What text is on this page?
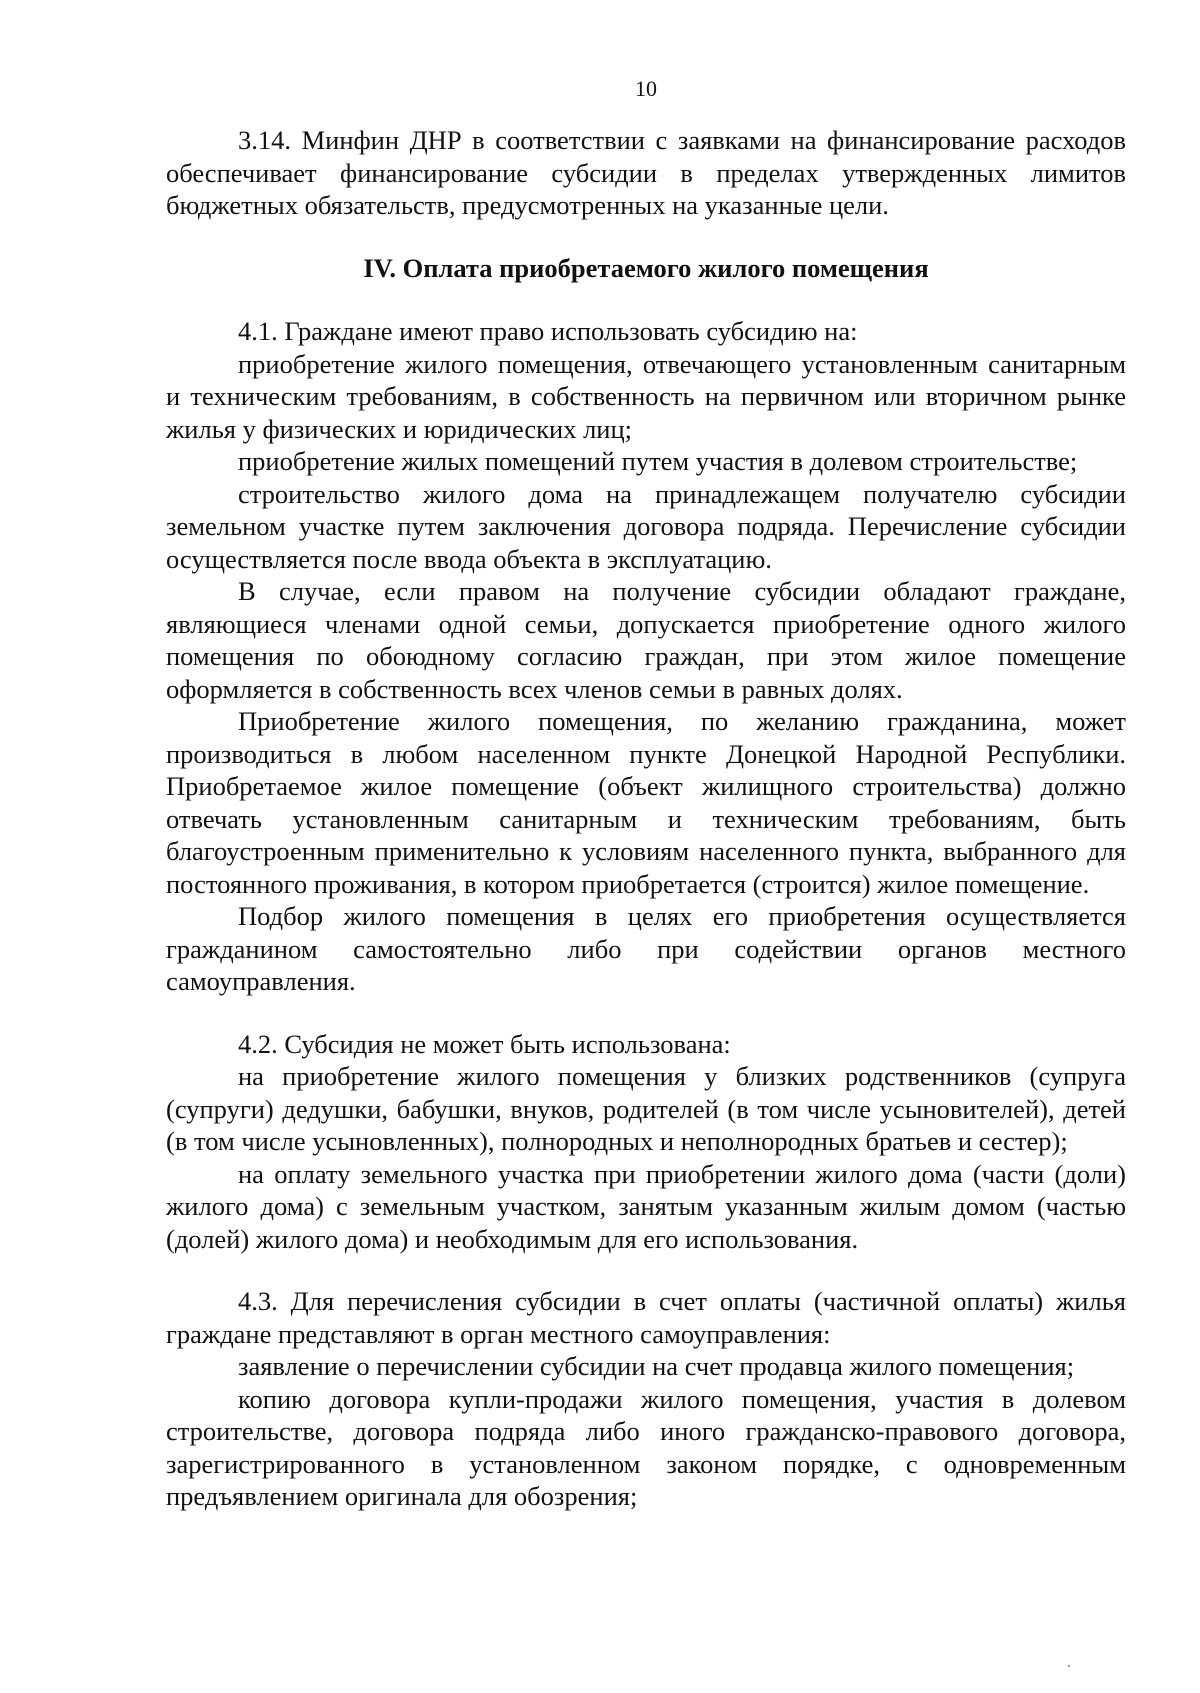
10

3.14. Минфин ДНР в соответствии с заявками на финансирование расходов обеспечивает финансирование субсидии в пределах утвержденных лимитов бюджетных обязательств, предусмотренных на указанные цели.

IV. Оплата приобретаемого жилого помещения

4.1. Граждане имеют право использовать субсидию на:

приобретение жилого помещения, отвечающего установленным санитарным и техническим требованиям, в собственность на первичном или вторичном рынке жилья у физических и юридических лиц;

приобретение жилых помещений путем участия в долевом строительстве;

строительство жилого дома на принадлежащем получателю субсидии земельном участке путем заключения договора подряда. Перечисление субсидии осуществляется после ввода объекта в эксплуатацию.

В случае, если правом на получение субсидии обладают граждане, являющиеся членами одной семьи, допускается приобретение одного жилого помещения по обоюдному согласию граждан, при этом жилое помещение оформляется в собственность всех членов семьи в равных долях.

Приобретение жилого помещения, по желанию гражданина, может производиться в любом населенном пункте Донецкой Народной Республики. Приобретаемое жилое помещение (объект жилищного строительства) должно отвечать установленным санитарным и техническим требованиям, быть благоустроенным применительно к условиям населенного пункта, выбранного для постоянного проживания, в котором приобретается (строится) жилое помещение.

Подбор жилого помещения в целях его приобретения осуществляется гражданином самостоятельно либо при содействии органов местного самоуправления.

4.2. Субсидия не может быть использована:

на приобретение жилого помещения у близких родственников (супруга (супруги) дедушки, бабушки, внуков, родителей (в том числе усыновителей), детей (в том числе усыновленных), полнородных и неполнородных братьев и сестер);

на оплату земельного участка при приобретении жилого дома (части (доли) жилого дома) с земельным участком, занятым указанным жилым домом (частью (долей) жилого дома) и необходимым для его использования.

4.3. Для перечисления субсидии в счет оплаты (частичной оплаты) жилья граждане представляют в орган местного самоуправления:

заявление о перечислении субсидии на счет продавца жилого помещения;

копию договора купли-продажи жилого помещения, участия в долевом строительстве, договора подряда либо иного гражданско-правового договора, зарегистрированного в установленном законом порядке, с одновременным предъявлением оригинала для обозрения;
